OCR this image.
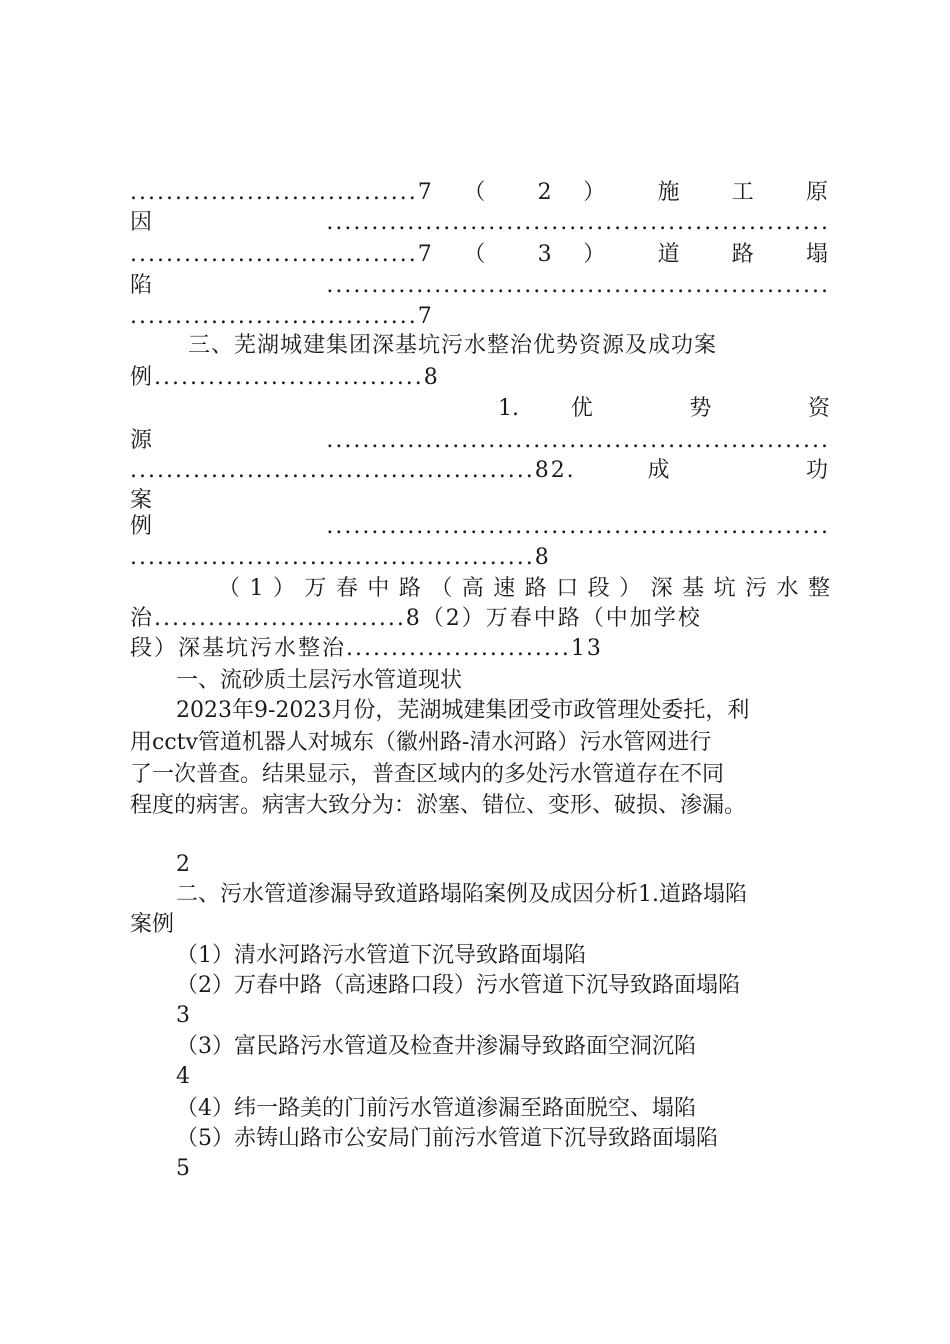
................................7 （ 2 ） 施 工 原
因........................................................
................................7 （ 3 ） 道 路 塌
陷........................................................
................................7
三、芜湖城建集团深基坑污水整治优势资源及成功案
例..............................8
1. 优 势 资
源........................................................
.............................................82. 成 功
案
例........................................................
.............................................8
（1）万春中路（高速路口段）深基坑污水整
治............................8（2）万春中路（中加学校
段）深基坑污水整治.........................13
一、流砂质土层污水管道现状
2023年9-2023月份，芜湖城建集团受市政管理处委托，利
用cctv管道机器人对城东（徽州路-清水河路）污水管网进行
了一次普查。结果显示，普查区域内的多处污水管道存在不同
程度的病害。病害大致分为：淤塞、错位、变形、破损、渗漏。
2
二、污水管道渗漏导致道路塌陷案例及成因分析1.道路塌陷
案例
（1）清水河路污水管道下沉导致路面塌陷
（2）万春中路（高速路口段）污水管道下沉导致路面塌陷
3
（3）富民路污水管道及检查井渗漏导致路面空洞沉陷
4
（4）纬一路美的门前污水管道渗漏至路面脱空、塌陷
（5）赤铸山路市公安局门前污水管道下沉导致路面塌陷
5
